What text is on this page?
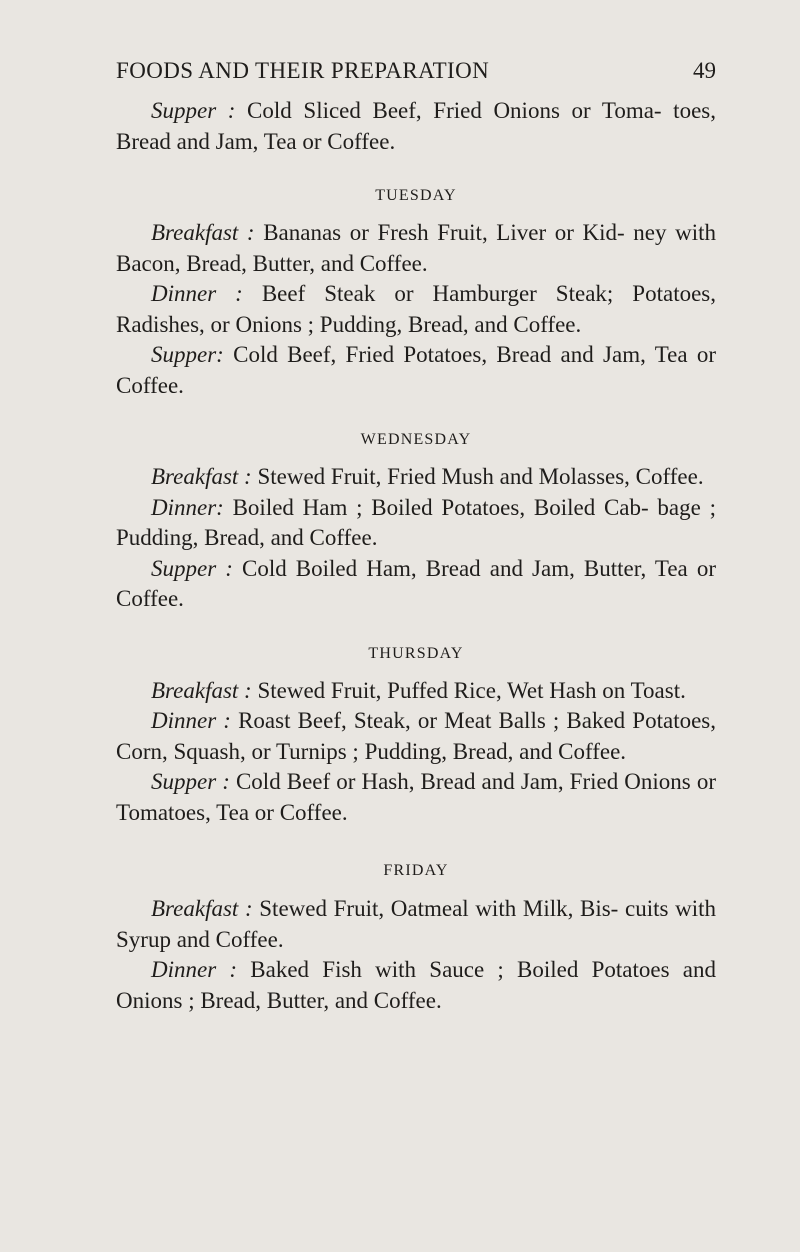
FOODS AND THEIR PREPARATION	49

Supper : Cold Sliced Beef, Fried Onions or Toma- toes, Bread and Jam, Tea or Coffee.

TUESDAY

Breakfast : Bananas or Fresh Fruit, Liver or Kid- ney with Bacon, Bread, Butter, and Coffee.

Dinner : Beef Steak or Hamburger Steak; Potatoes, Radishes, or Onions ; Pudding, Bread, and Coffee.

Supper: Cold Beef, Fried Potatoes, Bread and Jam, Tea or Coffee.

WEDNESDAY

Breakfast : Stewed Fruit, Fried Mush and Molasses, Coffee.

Dinner: Boiled Ham ; Boiled Potatoes, Boiled Cab- bage ; Pudding, Bread, and Coffee.

Supper : Cold Boiled Ham, Bread and Jam, Butter, Tea or Coffee.

THURSDAY

Breakfast : Stewed Fruit, Puffed Rice, Wet Hash on Toast.

Dinner : Roast Beef, Steak, or Meat Balls ; Baked Potatoes, Corn, Squash, or Turnips ; Pudding, Bread, and Coffee.

Supper : Cold Beef or Hash, Bread and Jam, Fried Onions or Tomatoes, Tea or Coffee.

FRIDAY

Breakfast : Stewed Fruit, Oatmeal with Milk, Bis- cuits with Syrup and Coffee.

Dinner : Baked Fish with Sauce ; Boiled Potatoes and Onions ; Bread, Butter, and Coffee.
